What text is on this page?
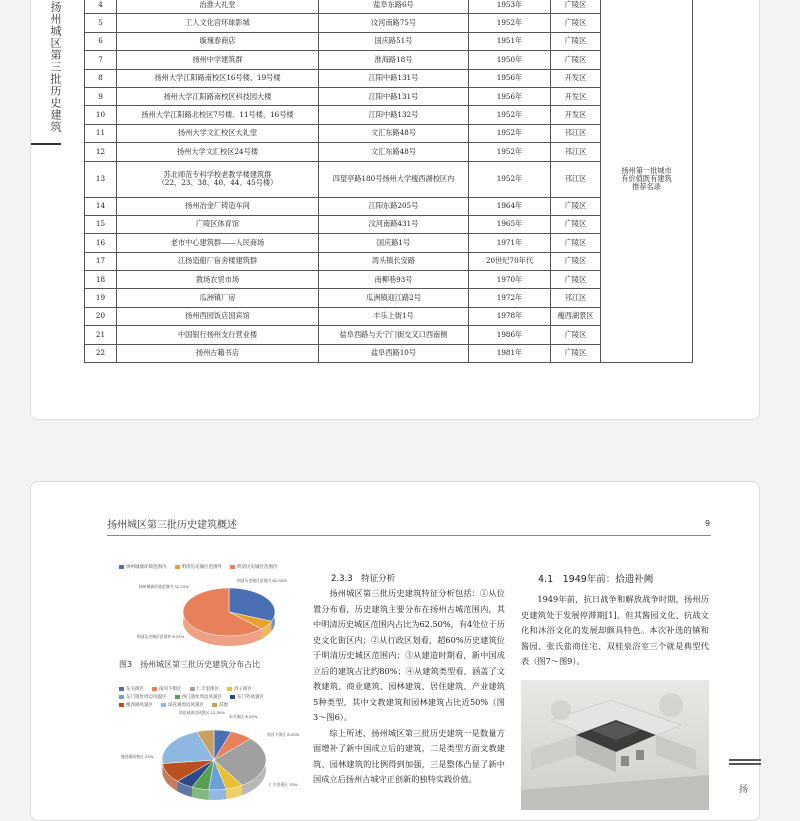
扬州城区第三批历史建筑	4	治淮大礼堂	盐阜东路6号	1953年	广陵区	扬州第一批城市
有价值既有建筑
推荐名录
5	工人文化宫环球影城	汶河南路75号	1952年	广陵区	
6	璇瑰春商店	国庆路51号	1951年	广陵区	
7	扬州中学建筑群	淮海路18号	1950年	广陵区	
8	扬州大学江阳路南校区16号楼、19号楼	江阳中路131号	1956年	开发区	
9	扬州大学江阳路南校区科技园大楼	江阳中路131号	1956年	开发区	
10	扬州大学江阳路北校区7号楼、11号楼、16号楼	江阳中路132号	1952年	开发区	
11	扬州大学文汇校区大礼堂	文汇东路48号	1952年	邗江区	
12	扬州大学文汇校区24号楼	文汇东路48号	1952年	邗江区	
13	苏北师范专科学校老教学楼建筑群
（22、23、38、40、44、45号楼）	四望亭路180号扬州大学瘦西湖校区内	1952年	邗江区	
14	扬州冶金厂铸造车间	江阳东路205号	1964年	广陵区	
15	广陵区体育馆	汶河南路431号	1965年	广陵区	
16	老市中心建筑群——人民商场	国庆路1号	1971年	广陵区	
17	江扬造船厂宿舍楼建筑群	湾头镇长安路	20世纪70年代	广陵区	
18	教场农贸市场	南柳巷93号	1970年	广陵区	
19	瓜洲镇厂房	瓜洲镇迎江路2号	1972年	邗江区	
20	扬州西园饭店国宾馆	丰乐上街1号	1978年	瘦西湖景区	
21	中国银行扬州支行营业楼	盐阜西路与天宁门街交叉口西南侧	1986年	广陵区	
22	扬州古籍书店	盐阜西路10号	1981年	广陵区	
扬州城区第三批历史建筑概述	9
扬州城墙环境范围内	明清历史城区范围外	明清历史城区范围内
扬州城墙环境范围内 31.25%
明清历史城区范围外 6.25%
明清历史城区范围内 62.50%
图3　扬州城区第三批历史建筑分布占比
东关街区	南河下街区	仁丰里街区	湾子街区
东门遗址周边风貌区	西门遗址周边风貌区	东门外风貌区
瘦西湖风貌区	琼花观周边风貌区	其他
东关街区 6.25%
南河下街区 8.25%
琼花观周边风貌区 12.50%
仁丰里街区 33%
瘦西湖风貌区 25%
2.3.3　特征分析

扬州城区第三批历史建筑特征分析包括：①从位置分布看，历史建筑主要分布在扬州古城范围内，其中明清历史城区范围内占比为62.50%，有4处位于历史文化街区内；②从行政区划看，超60%历史建筑位于明清历史城区范围内；③从建造时期看，新中国成立后的建筑占比约80%；④从建筑类型看，涵盖了文教建筑、商业建筑、园林建筑、居住建筑、产业建筑5种类型，其中文教建筑和园林建筑占比近50%（图3～图6）。

综上所述，扬州城区第三批历史建筑一是数量方面增补了新中国成立后的建筑，二是类型方面文教建筑、园林建筑的比例得到加强，三是整体凸显了新中国成立后扬州古城守正创新的独特实践价值。

4.1　1949年前：拾遗补阙

1949年前，抗日战争和解放战争时期，扬州历史建筑处于发展停滞期[1]，但其酱园文化、抗战文化和沐浴文化的发展却颇具特色。本次补选的镇和酱园、张氏盐商住宅、双桂泉浴室三个就是典型代表（图7～图9）。

扬
